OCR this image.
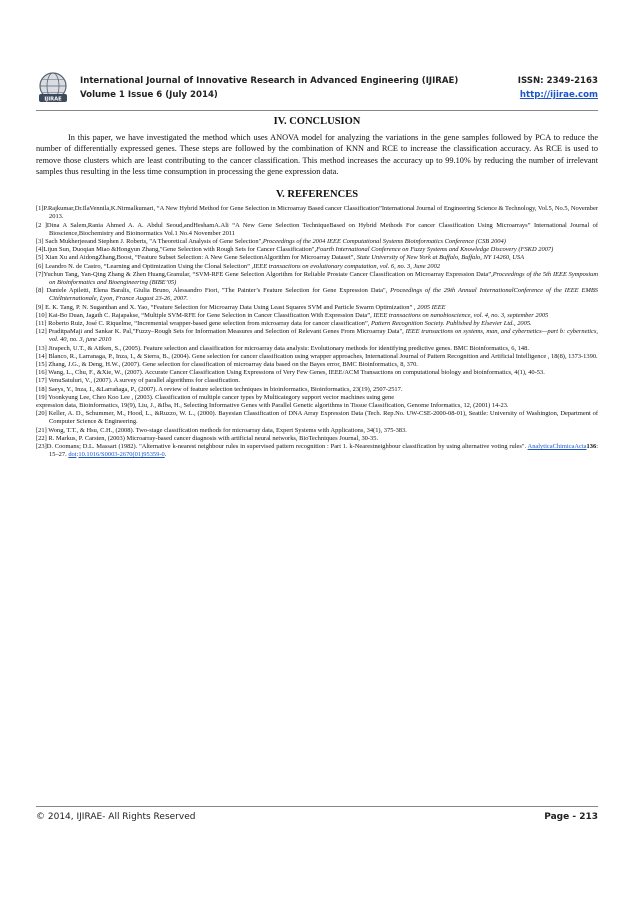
IJIRAE
International Journal of Innovative Research in Advanced Engineering (IJIRAE)
Volume 1 Issue 6 (July 2014)
ISSN: 2349-2163
http://ijirae.com
IV. CONCLUSION

In this paper, we have investigated the method which uses ANOVA model for analyzing the variations in the gene samples followed by PCA to reduce the number of differentially expressed genes. These steps are followed by the combination of KNN and RCE to increase the classification accuracy. As RCE is used to remove those clusters which are least contributing to the cancer classification. This method increases the accuracy up to 99.10% by reducing the number of irrelevant samples thus resulting in the less time consumption in processing the gene expression data.

V. REFERENCES

[1]P.Rajkumar,Dr.IlaVennila,K.Nirmalkumari, “A New Hybrid Method for Gene Selection in Microarray Based cancer Classification”International Journal of Engineering Science & Technology, Vol.5, No.5, November 2013.

[2 ]Dina A Salem,Rania Ahmed A. A. Abdul Seoud,andHeshamA.Ali “A New Gene Selection TechniqueBased on Hybrid Methods For cancer Classification Using Microarrays” International Journal of Bioscience,Biochemistry and Bioinormatics Vol.1 No.4 November 2011

[3] Sach Mukherjeeand Stephen J. Roberts, "A Theoretical Analysis of Gene Selection",Proceedings of the 2004 IEEE Computational Systems Bioinformatics Conference (CSB 2004)

[4]Lijun Sun, Duoqian Miao &Hongyun Zhang,"Gene Selection with Rough Sets for Cancer Classification",Fourth International Conference on Fuzzy Systems and Knowledge Discovery (FSKD 2007)

[5] Xian Xu and AidongZhang,Boost, “Feature Subset Selection: A New Gene SelectionAlgorithm for Microarray Dataset”, State University of New York at Buffalo, Buffalo, NY 14260, USA

[6] Leandro N. de Castro, “Learning and Optimization Using the Clonal Selection” ,IEEE transactions on evolutionary computation, vol. 6, no. 3, June 2002

[7]Yuchun Tang, Yan-Qing Zhang & Zhen Huang,Granular, “SVM-RFE Gene Selection Algorithm for Reliable Prostate Cancer Classification on Microarray Expression Data”,Proceedings of the 5th IEEE Symposium on Bioinformatics and Bioengineering (BIBE’05)

[8] Daniele Apiletti, Elena Baralis, Giulia Bruno, Alessandro Fiori, "The Painter’s Feature Selection for Gene Expression Data", Proceedings of the 29th Annual InternationalConference of the IEEE EMBS CitéInternationale, Lyon, France August 23-26, 2007.

[9] E. K. Tang, P. N. Suganthan and X. Yao, “Feature Selection for Microarray Data Using Least Squares SVM and Particle Swarm Optimization” , 2005 IEEE

[10] Kai-Bo Duan, Jagath C. Rajapakse, “Multiple SVM-RFE for Gene Selection in Cancer Classification With Expression Data”, IEEE transactions on nanobioscience, vol. 4, no. 3, september 2005

[11] Roberto Ruiz, José C. Riquelme, “Incremental wrapper-based gene selection from microarray data for cancer classification”, Pattern Recognition Society. Published by Elsevier Ltd., 2005.

[12] PraditpaMaji and Sankar K. Pal,"Fuzzy–Rough Sets for Information Measures and Selection of Relevant Genes From Microarray Data", IEEE transactions on systems, man, and cybernetics—part b: cybernetics, vol. 40, no. 3, june 2010

[13] Jirapech, U.T., & Aitken, S., (2005). Feature selection and classification for microarray data analysis: Evolutionary methods for identifying predictive genes. BMC Bioinformatics, 6, 148.

[14] Blanco, R., Larranaga, P., Inza, I., & Sierra, B., (2004). Gene selection for cancer classification using wrapper approaches, International Journal of Pattern Recognition and Artificial Intelligence , 18(8), 1373-1390.

[15] Zhang, J.G., & Deng, H.W., (2007). Gene selection for classification of microarray data based on the Bayes error, BMC Bioinformatics, 8, 370.

[16] Wang, L., Chu, F., &Xie, W., (2007). Accurate Cancer Classification Using Expressions of Very Few Genes, IEEE/ACM Transactions on computational biology and bioinformatics, 4(1), 40-53.

[17] VenuSatuluri, V., (2007). A survey of parallel algorithms for classification.

[18] Saeys, Y., Inza, I., &Larrañaga, P., (2007). A review of feature selection techniques in bioinformatics, Bioinformatics, 23(19), 2507-2517.

[19] Yoonkyung Lee, Cheo Koo Lee , (2003). Classification of multiple cancer types by Multicategory support vector machines using gene

expression data, Bioinformatics, 19(9), Liu, J., &Iba, H., Selecting Informative Genes with Parallel Genetic algorithms in Tissue Classification, Genome Informatics, 12, (2001) 14-23.

[20] Keller, A. D., Schummer, M., Hood, L., &Ruzzo, W. L., (2000). Bayesian Classification of DNA Array Expression Data (Tech. Rep.No. UW-CSE-2000-08-01), Seattle: University of Washington, Department of Computer Science & Engineering.

[21] Wong, T.T., & Hsu, C.H., (2008). Two-stage classification methods for microarray data, Expert Systems with Applications, 34(1), 375-383.

[22] R. Markus, P. Carsten, (2003) Microarray-based cancer diagnosis with artificial neural networks, BioTechniques Journal, 30-35.

[23]D. Coomans; D.L. Massart (1982). "Alternative k-nearest neighbour rules in supervised pattern recognition : Part 1. k-Nearestneighbour classification by using alternative voting rules". AnalyticaChimicaActa136: 15–27. doi:10.1016/S0003-2670(01)95359-0.

© 2014, IJIRAE- All Rights Reserved	Page - 213
